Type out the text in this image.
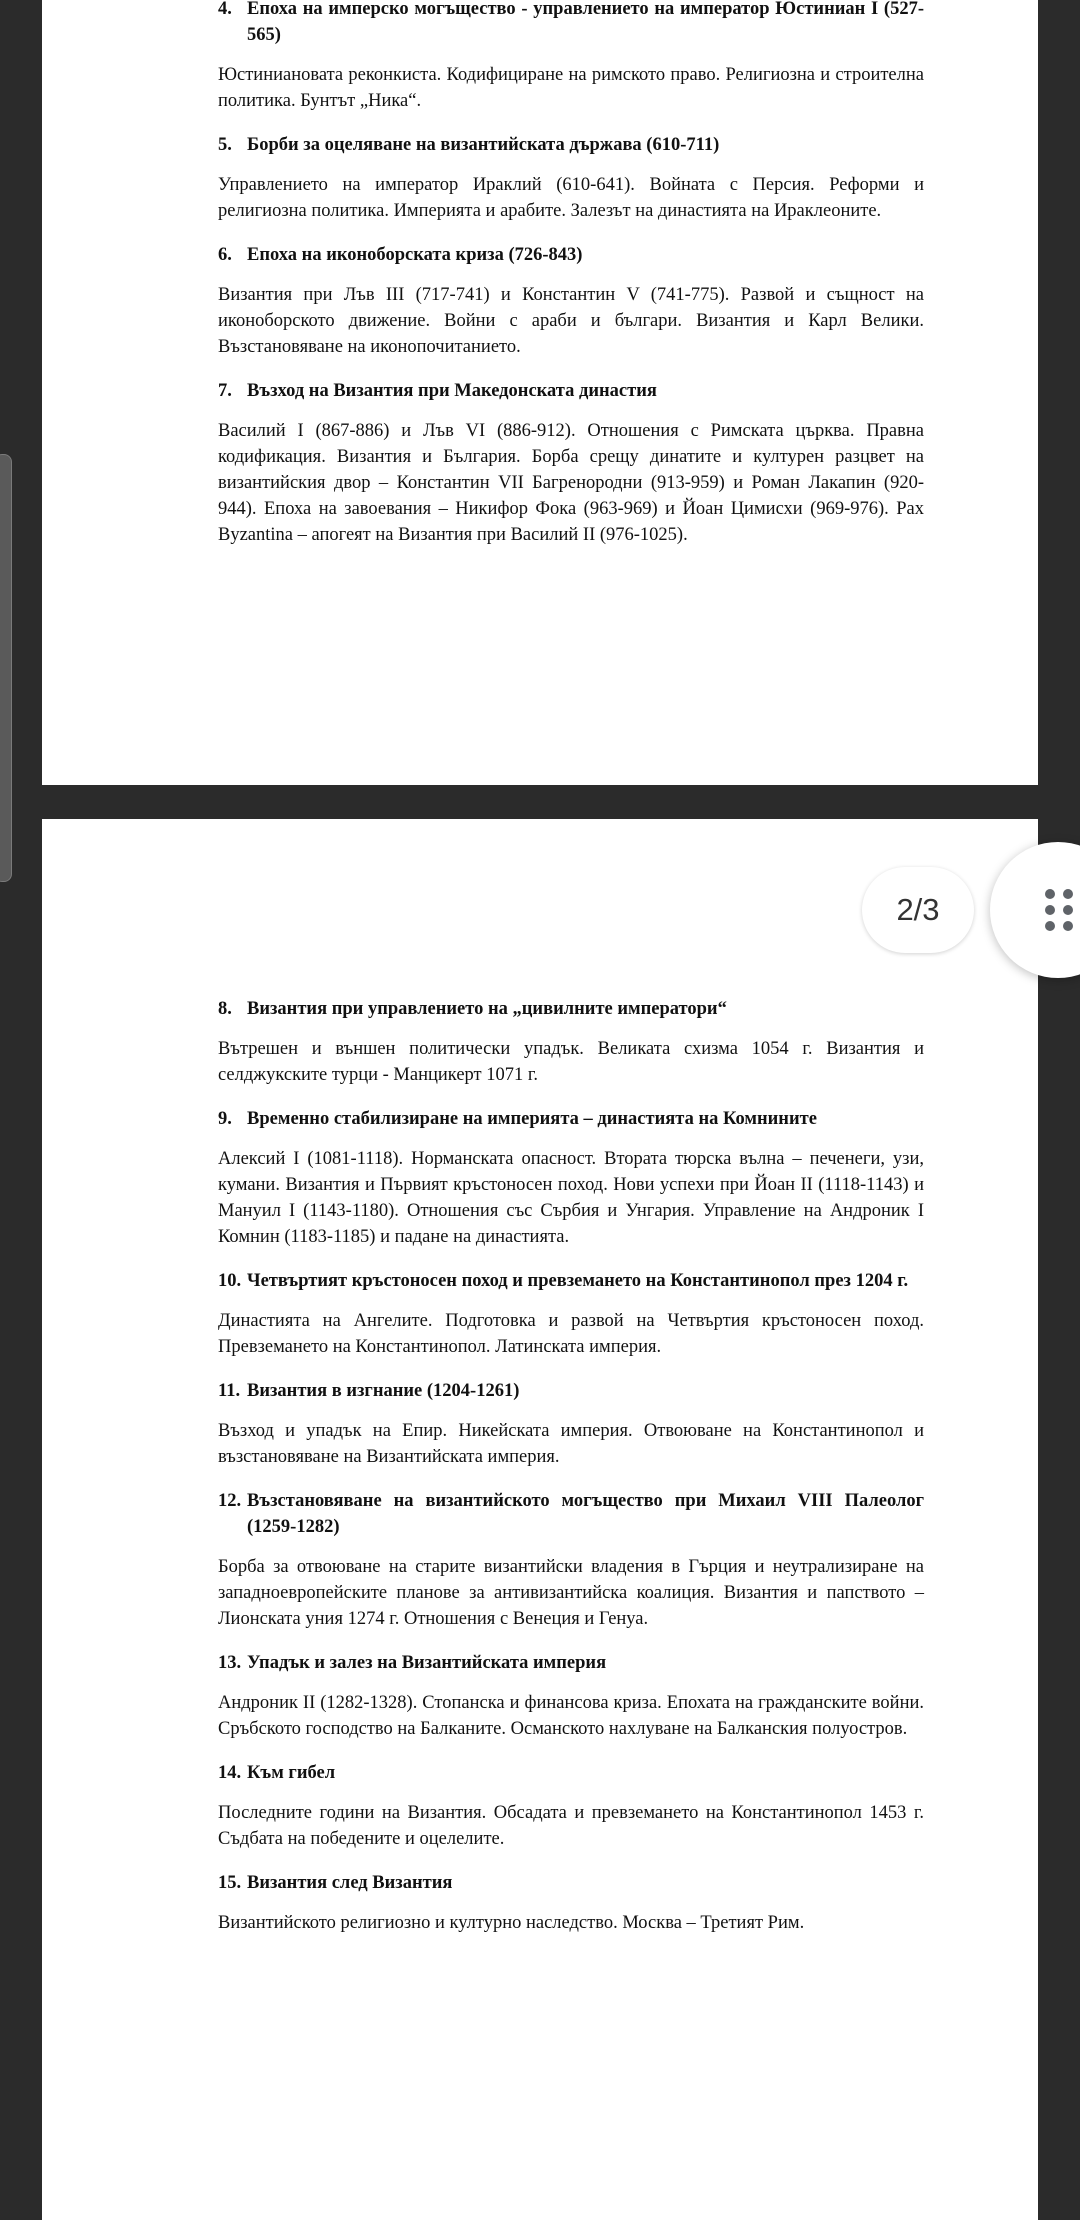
4. Епоха на имперско могъщество - управлението на император Юстиниан I (527-565)

Юстиниановата реконкиста. Кодифициране на римското право. Религиозна и строителна политика. Бунтът „Ника“.

5. Борби за оцеляване на византийската държава (610-711)

Управлението на император Ираклий (610-641). Войната с Персия. Реформи и религиозна политика. Империята и арабите. Залезът на династията на Ираклеоните.

6. Епоха на иконоборската криза (726-843)

Византия при Лъв III (717-741) и Константин V (741-775). Развой и същност на иконоборското движение. Войни с араби и българи. Византия и Карл Велики. Възстановяване на иконопочитанието.

7. Възход на Византия при Македонската династия

Василий I (867-886) и Лъв VI (886-912). Отношения с Римската църква. Правна кодификация. Византия и България. Борба срещу динатите и културен разцвет на византийския двор – Константин VII Багренородни (913-959) и Роман Лакапин (920-944). Епоха на завоевания – Никифор Фока (963-969) и Йоан Цимисхи (969-976). Pax Byzantina – апогеят на Византия при Василий II (976-1025).

8. Византия при управлението на „цивилните императори“

Вътрешен и външен политически упадък. Великата схизма 1054 г. Византия и селджукските турци - Манцикерт 1071 г.

9. Временно стабилизиране на империята – династията на Комнините

Алексий I (1081-1118). Норманската опасност. Втората тюрска вълна – печенеги, узи, кумани. Византия и Първият кръстоносен поход. Нови успехи при Йоан II (1118-1143) и Мануил I (1143-1180). Отношения със Сърбия и Унгария. Управление на Андроник I Комнин (1183-1185) и падане на династията.

10. Четвъртият кръстоносен поход и превземането на Константинопол през 1204 г.

Династията на Ангелите. Подготовка и развой на Четвъртия кръстоносен поход. Превземането на Константинопол. Латинската империя.

11. Византия в изгнание (1204-1261)

Възход и упадък на Епир. Никейската империя. Отвоюване на Константинопол и възстановяване на Византийската империя.

12. Възстановяване на византийското могъщество при Михаил VIII Палеолог (1259-1282)

Борба за отвоюване на старите византийски владения в Гърция и неутрализиране на западноевропейските планове за антивизантийска коалиция. Византия и папството – Лионската уния 1274 г. Отношения с Венеция и Генуа.

13. Упадък и залез на Византийската империя

Андроник II (1282-1328). Стопанска и финансова криза. Епохата на гражданските войни. Сръбското господство на Балканите. Османското нахлуване на Балканския полуостров.

14. Към гибел

Последните години на Византия. Обсадата и превземането на Константинопол 1453 г. Съдбата на победените и оцелелите.

15. Византия след Византия

Византийското религиозно и културно наследство. Москва – Третият Рим.

2/3
